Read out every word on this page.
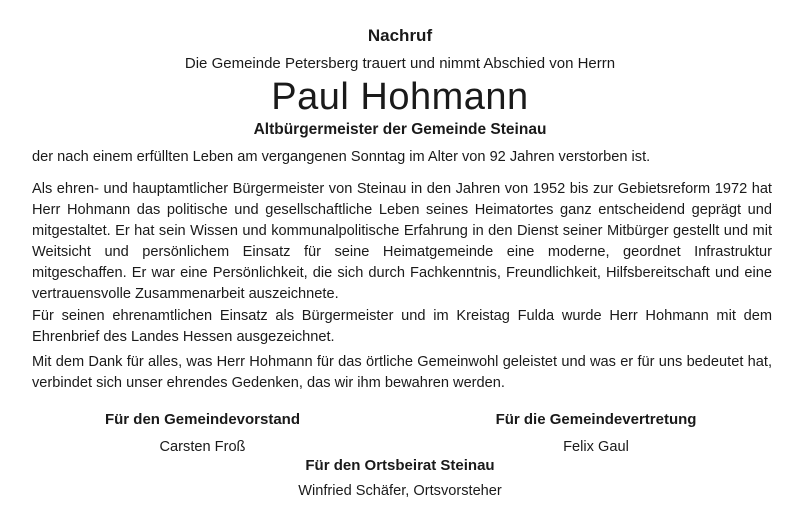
Nachruf
Die Gemeinde Petersberg trauert und nimmt Abschied von Herrn
Paul Hohmann
Altbürgermeister der Gemeinde Steinau
der nach einem erfüllten Leben am vergangenen Sonntag im Alter von 92 Jahren verstorben ist.
Als ehren- und hauptamtlicher Bürgermeister von Steinau in den Jahren von 1952 bis zur Gebietsreform 1972 hat Herr Hohmann das politische und gesellschaftliche Leben seines Heimatortes ganz entscheidend geprägt und mitgestaltet. Er hat sein Wissen und kommunalpolitische Erfahrung in den Dienst seiner Mitbürger gestellt und mit Weitsicht und persönlichem Einsatz für seine Heimatgemeinde eine moderne, geordnet Infrastruktur mitgeschaffen. Er war eine Persönlichkeit, die sich durch Fachkenntnis, Freundlichkeit, Hilfsbereitschaft und eine vertrauensvolle Zusammenarbeit auszeichnete.
Für seinen ehrenamtlichen Einsatz als Bürgermeister und im Kreistag Fulda wurde Herr Hohmann mit dem Ehrenbrief des Landes Hessen ausgezeichnet.
Mit dem Dank für alles, was Herr Hohmann für das örtliche Gemeinwohl geleistet und was er für uns bedeutet hat, verbindet sich unser ehrendes Gedenken, das wir ihm bewahren werden.
Für den Gemeindevorstand
Carsten Froß
Für die Gemeindevertretung
Felix Gaul
Für den Ortsbeirat Steinau
Winfried Schäfer, Ortsvorsteher
